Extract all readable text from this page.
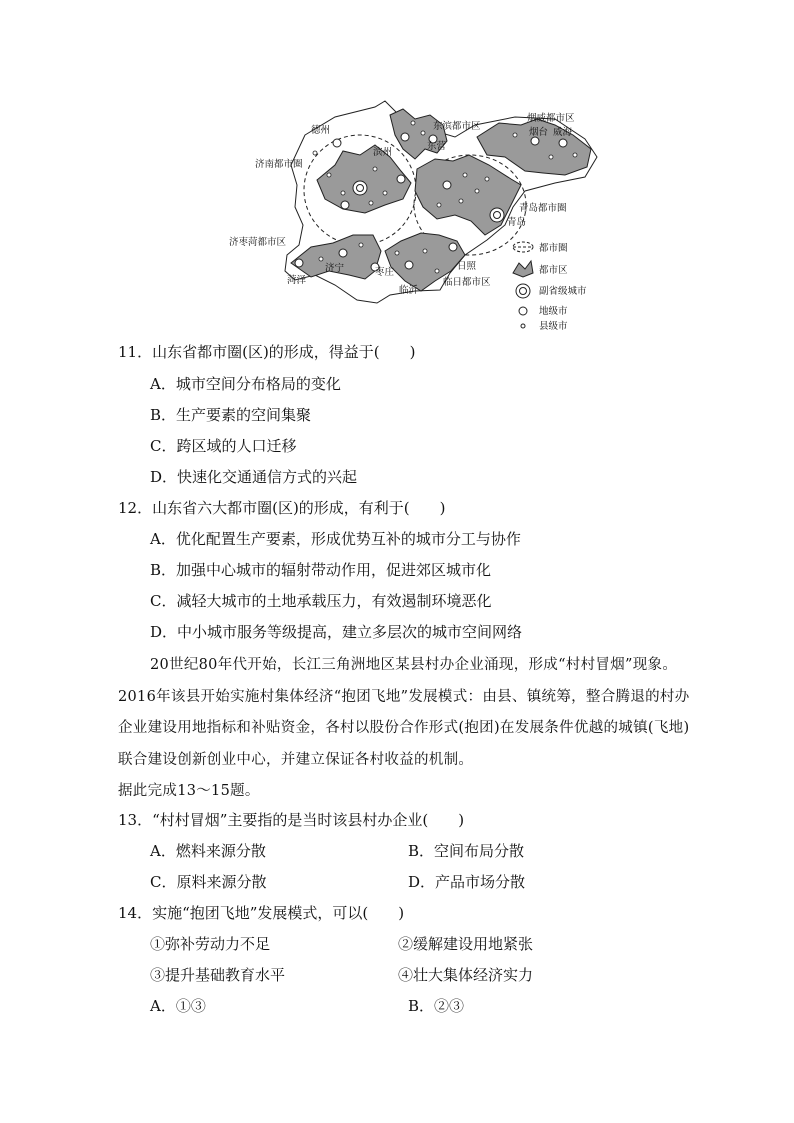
德州
济南都市圈
滨州
东营
东滨都市区
烟威都市区
烟台 威海
青岛都市圈
青岛
济枣菏都市区
菏泽
济宁	枣庄
日照
临沂
临日都市区
都市圈
都市区
副省级城市
地级市
县级市
11．山东省都市圈(区)的形成，得益于(　　)
A．城市空间分布格局的变化
B．生产要素的空间集聚
C．跨区域的人口迁移
D．快速化交通通信方式的兴起
12．山东省六大都市圈(区)的形成，有利于(　　)
A．优化配置生产要素，形成优势互补的城市分工与协作
B．加强中心城市的辐射带动作用，促进郊区城市化
C．减轻大城市的土地承载压力，有效遏制环境恶化
D．中小城市服务等级提高，建立多层次的城市空间网络

20世纪80年代开始，长江三角洲地区某县村办企业涌现，形成“村村冒烟”现象。2016年该县开始实施村集体经济“抱团飞地”发展模式：由县、镇统筹，整合腾退的村办企业建设用地指标和补贴资金，各村以股份合作形式(抱团)在发展条件优越的城镇(飞地)联合建设创新创业中心，并建立保证各村收益的机制。

据此完成13～15题。

13．“村村冒烟”主要指的是当时该县村办企业(　　)
A．燃料来源分散	B．空间布局分散
C．原料来源分散	D．产品市场分散
14．实施“抱团飞地”发展模式，可以(　　)
①弥补劳动力不足	②缓解建设用地紧张
③提升基础教育水平	④壮大集体经济实力
A．①③	B．②③
